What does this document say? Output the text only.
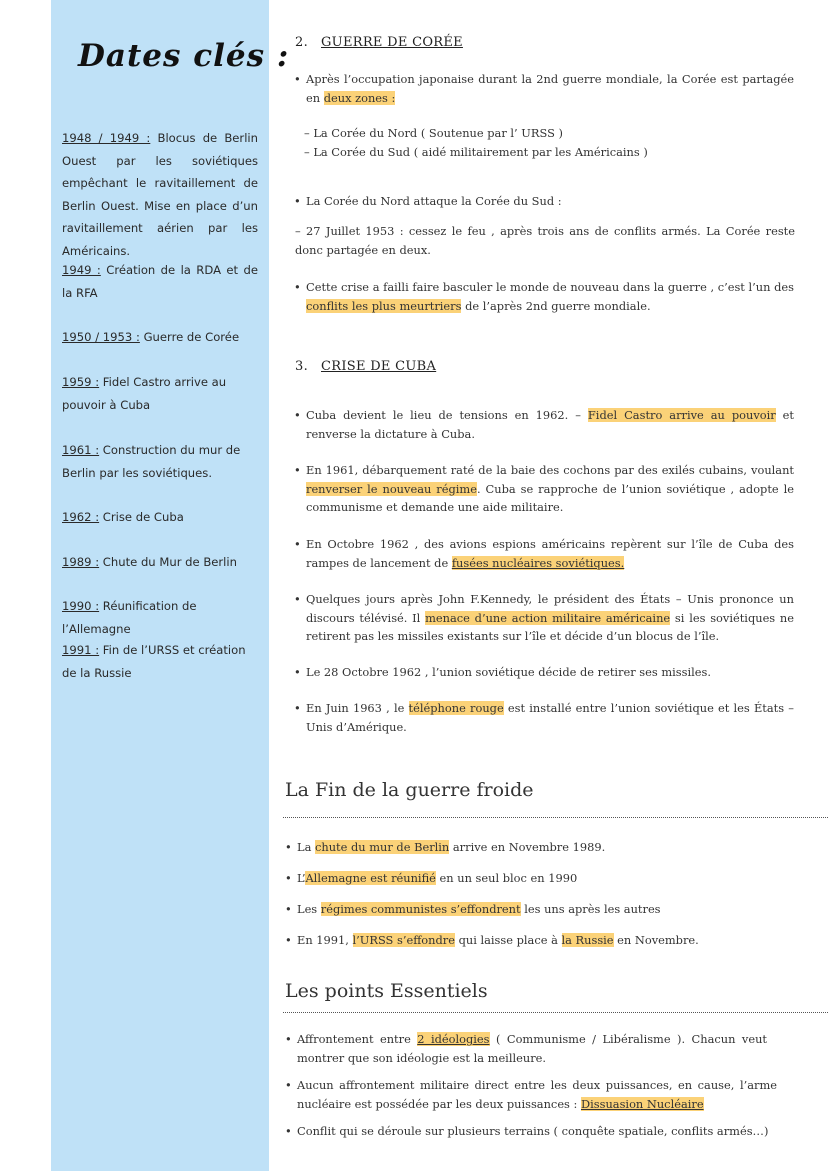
Dates clés :
1948 / 1949 : Blocus de Berlin Ouest par les soviétiques empêchant le ravitaillement de Berlin Ouest. Mise en place d’un ravitaillement aérien par les Américains.
1949 : Création de la RDA et de la RFA
1950 / 1953 : Guerre de Corée
1959 : Fidel Castro arrive au pouvoir à Cuba
1961 : Construction du mur de Berlin par les soviétiques.
1962 : Crise de Cuba
1989 : Chute du Mur de Berlin
1990 : Réunification de l’Allemagne
1991 : Fin de l’URSS et création de la Russie
2. GUERRE DE CORÉE
• Après l’occupation japonaise durant la 2nd guerre mondiale, la Corée est partagée en deux zones :
– La Corée du Nord ( Soutenue par l’ URSS )
– La Corée du Sud ( aidé militairement par les Américains )
• La Corée du Nord attaque la Corée du Sud :
– 27 Juillet 1953 : cessez le feu , après trois ans de conflits armés. La Corée reste donc partagée en deux.
• Cette crise a failli faire basculer le monde de nouveau dans la guerre , c’est l’un des conflits les plus meurtriers de l’après 2nd guerre mondiale.
3. CRISE DE CUBA
• Cuba devient le lieu de tensions en 1962. – Fidel Castro arrive au pouvoir et renverse la dictature à Cuba.
• En 1961, débarquement raté de la baie des cochons par des exilés cubains, voulant renverser le nouveau régime. Cuba se rapproche de l’union soviétique , adopte le communisme et demande une aide militaire.
• En Octobre 1962 , des avions espions américains repèrent sur l’île de Cuba des rampes de lancement de fusées nucléaires soviétiques.
• Quelques jours après John F.Kennedy, le président des États – Unis prononce un discours télévisé. Il menace d’une action militaire américaine si les soviétiques ne retirent pas les missiles existants sur l’île et décide d’un blocus de l’île.
• Le 28 Octobre 1962 , l’union soviétique décide de retirer ses missiles.
• En Juin 1963 , le téléphone rouge est installé entre l’union soviétique et les États – Unis d’Amérique.
La Fin de la guerre froide
• La chute du mur de Berlin arrive en Novembre 1989.
• L’Allemagne est réunifié en un seul bloc en 1990
• Les régimes communistes s’effondrent les uns après les autres
• En 1991, l’URSS s’effondre qui laisse place à la Russie en Novembre.
Les points Essentiels
• Affrontement entre 2 idéologies ( Communisme / Libéralisme ). Chacun veut montrer que son idéologie est la meilleure.
• Aucun affrontement militaire direct entre les deux puissances, en cause, l’arme nucléaire est possédée par les deux puissances : Dissuasion Nucléaire
• Conflit qui se déroule sur plusieurs terrains ( conquête spatiale, conflits armés…)
